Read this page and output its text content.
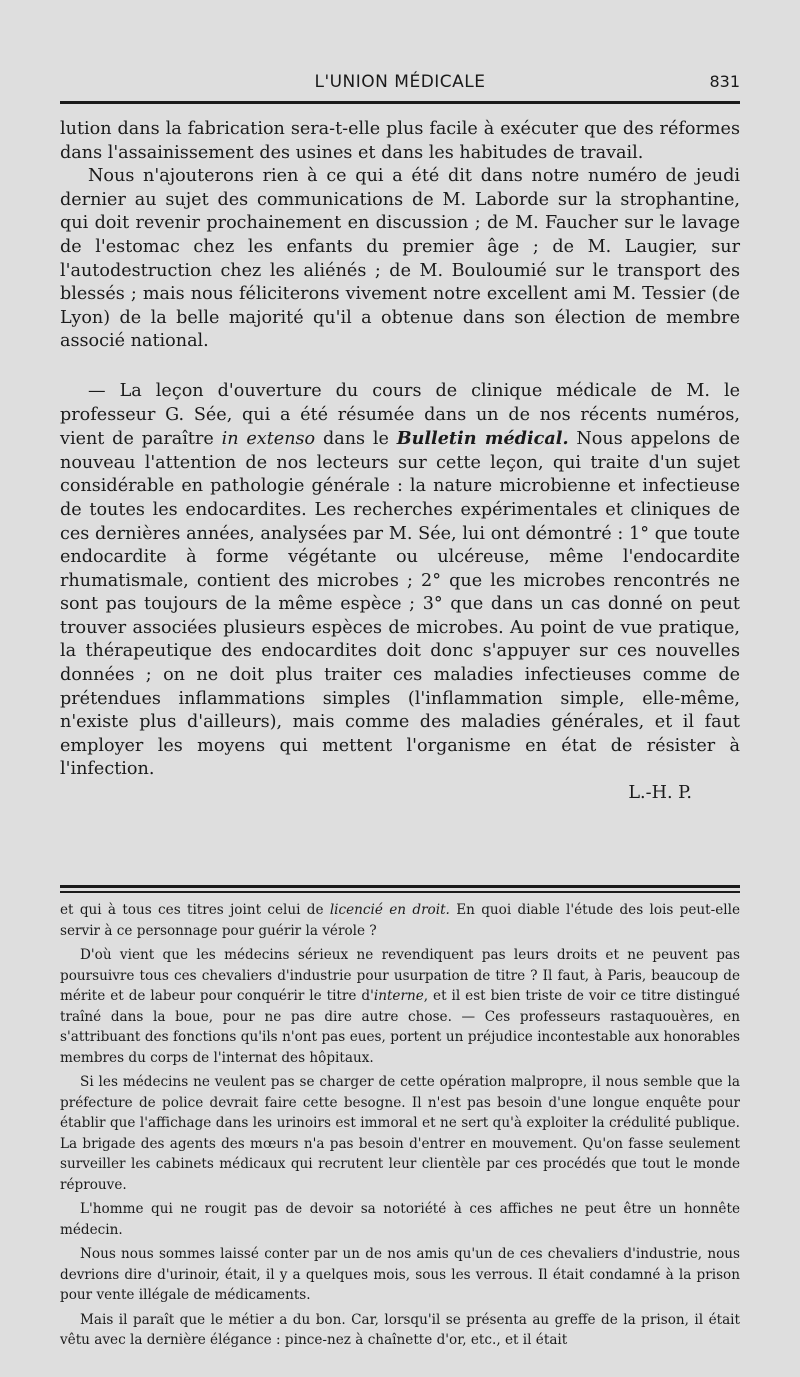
L'UNION MÉDICALE	831

lution dans la fabrication sera-t-elle plus facile à exécuter que des réformes dans l'assainissement des usines et dans les habitudes de travail.

Nous n'ajouterons rien à ce qui a été dit dans notre numéro de jeudi dernier au sujet des communications de M. Laborde sur la strophantine, qui doit revenir prochainement en discussion ; de M. Faucher sur le lavage de l'estomac chez les enfants du premier âge ; de M. Laugier, sur l'autodestruction chez les aliénés ; de M. Bouloumié sur le transport des blessés ; mais nous féliciterons vivement notre excellent ami M. Tessier (de Lyon) de la belle majorité qu'il a obtenue dans son élection de membre associé national.

— La leçon d'ouverture du cours de clinique médicale de M. le professeur G. Sée, qui a été résumée dans un de nos récents numéros, vient de paraître in extenso dans le Bulletin médical. Nous appelons de nouveau l'attention de nos lecteurs sur cette leçon, qui traite d'un sujet considérable en pathologie générale : la nature microbienne et infectieuse de toutes les endocardites. Les recherches expérimentales et cliniques de ces dernières années, analysées par M. Sée, lui ont démontré : 1° que toute endocardite à forme végétante ou ulcéreuse, même l'endocardite rhumatismale, contient des microbes ; 2° que les microbes rencontrés ne sont pas toujours de la même espèce ; 3° que dans un cas donné on peut trouver associées plusieurs espèces de microbes. Au point de vue pratique, la thérapeutique des endocardites doit donc s'appuyer sur ces nouvelles données ; on ne doit plus traiter ces maladies infectieuses comme de prétendues inflammations simples (l'inflammation simple, elle-même, n'existe plus d'ailleurs), mais comme des maladies générales, et il faut employer les moyens qui mettent l'organisme en état de résister à l'infection.

L.-H. P.

et qui à tous ces titres joint celui de licencié en droit. En quoi diable l'étude des lois peut-elle servir à ce personnage pour guérir la vérole ?

D'où vient que les médecins sérieux ne revendiquent pas leurs droits et ne peuvent pas poursuivre tous ces chevaliers d'industrie pour usurpation de titre ? Il faut, à Paris, beaucoup de mérite et de labeur pour conquérir le titre d'interne, et il est bien triste de voir ce titre distingué traîné dans la boue, pour ne pas dire autre chose. — Ces professeurs rastaquouères, en s'attribuant des fonctions qu'ils n'ont pas eues, portent un préjudice incontestable aux honorables membres du corps de l'internat des hôpitaux.

Si les médecins ne veulent pas se charger de cette opération malpropre, il nous semble que la préfecture de police devrait faire cette besogne. Il n'est pas besoin d'une longue enquête pour établir que l'affichage dans les urinoirs est immoral et ne sert qu'à exploiter la crédulité publique. La brigade des agents des mœurs n'a pas besoin d'entrer en mouvement. Qu'on fasse seulement surveiller les cabinets médicaux qui recrutent leur clientèle par ces procédés que tout le monde réprouve.

L'homme qui ne rougit pas de devoir sa notoriété à ces affiches ne peut être un honnête médecin.

Nous nous sommes laissé conter par un de nos amis qu'un de ces chevaliers d'industrie, nous devrions dire d'urinoir, était, il y a quelques mois, sous les verrous. Il était condamné à la prison pour vente illégale de médicaments.

Mais il paraît que le métier a du bon. Car, lorsqu'il se présenta au greffe de la prison, il était vêtu avec la dernière élégance : pince-nez à chaînette d'or, etc., et il était
